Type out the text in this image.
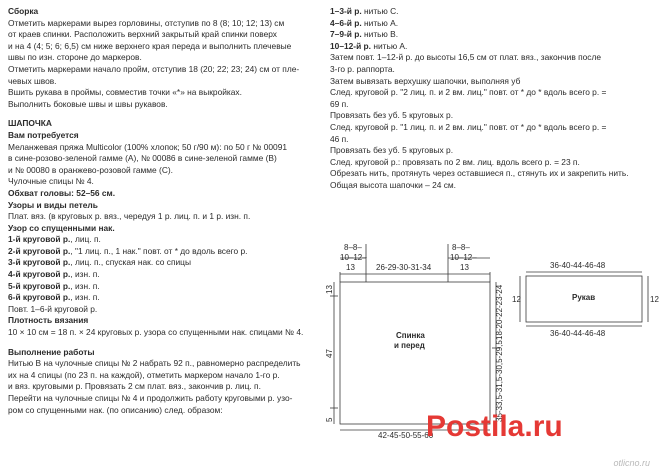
Сборка
Отметить маркерами вырез горловины, отступив по 8 (8; 10; 12; 13) см
от краев спинки. Расположить верхний закрытый край спинки поверх
и на 4 (4; 5; 6; 6,5) см ниже верхнего края переда и выполнить плечевые
швы по изн. стороне до маркеров.
Отметить маркерами начало пройм, отступив 18 (20; 22; 23; 24) см от пле-
чевых швов.
Вшить рукава в проймы, совместив точки «*» на выкройках.
Выполнить боковые швы и швы рукавов.
ШАПОЧКА
Вам потребуется
Меланжевая пряжа Multicolor (100% хлопок; 50 г/90 м): по 50 г № 00091
в сине-розово-зеленой гамме (A), № 00086 в сине-зеленой гамме (B)
и № 00080 в оранжево-розовой гамме (C).
Чулочные спицы № 4.
Обхват головы: 52–56 см.
Узоры и виды петель
Плат. вяз. (в круговых р. вяз., чередуя 1 р. лиц. п. и 1 р. изн. п.
Узор со спущенными нак.
1-й круговой р., лиц. п.
2-й круговой р., "1 лиц. п., 1 нак." повт. от * до вдоль всего р.
3-й круговой р., лиц. п., спуская нак. со спицы
4-й круговой р., изн. п.
5-й круговой р., изн. п.
6-й круговой р., изн. п.
Повт. 1–6-й круговой р.
Плотность вязания
10 × 10 см = 18 п. × 24 круговых р. узора со спущенными нак. спицами № 4.
Выполнение работы
Нитью B на чулочные спицы № 2 набрать 92 п., равномерно распределить
их на 4 спицы (по 23 п. на каждой), отметить маркером начало 1-го р.
и вяз. круговыми р. Провязать 2 см плат. вяз., закончив р. лиц. п.
Перейти на чулочные спицы № 4 и продолжить работу круговыми р. узо-
ром со спущенными нак. (по описанию) след. образом:
1–3-й р. нитью C.
4–6-й р. нитью A.
7–9-й р. нитью B.
10–12-й р. нитью A.
Затем повт. 1–12-й р. до высоты 16,5 см от плат. вяз., закончив после
3-го р. раппорта.
Затем вывязать верхушку шапочки, выполняя уб
След. круговой р. "2 лиц. п. и 2 вм. лиц." повт. от * до * вдоль всего р. =
69 п.
Провязать без уб. 5 круговых р.
След. круговой р. "1 лиц. п. и 2 вм. лиц." повт. от * до * вдоль всего р. =
46 п.
Провязать без уб. 5 круговых р.
След. круговой р.: провязать по 2 вм. лиц. вдоль всего р. = 23 п.
Обрезать нить, протянуть через оставшиеся п., стянуть их и закрепить нить.
Общая высота шапочки – 24 см.
8–8–
10–12–
13	26-29-30-31-34
8–8–
10–12–
13
13
47
5
18-20-22-23-24
35-33,5-31,5-30,5-29,5
Спинка
и перед
42-45-50-55-60
36-40-44-46-48
Рукав
36-40-44-46-48
12	12
Postila.ru
otlicno.ru
